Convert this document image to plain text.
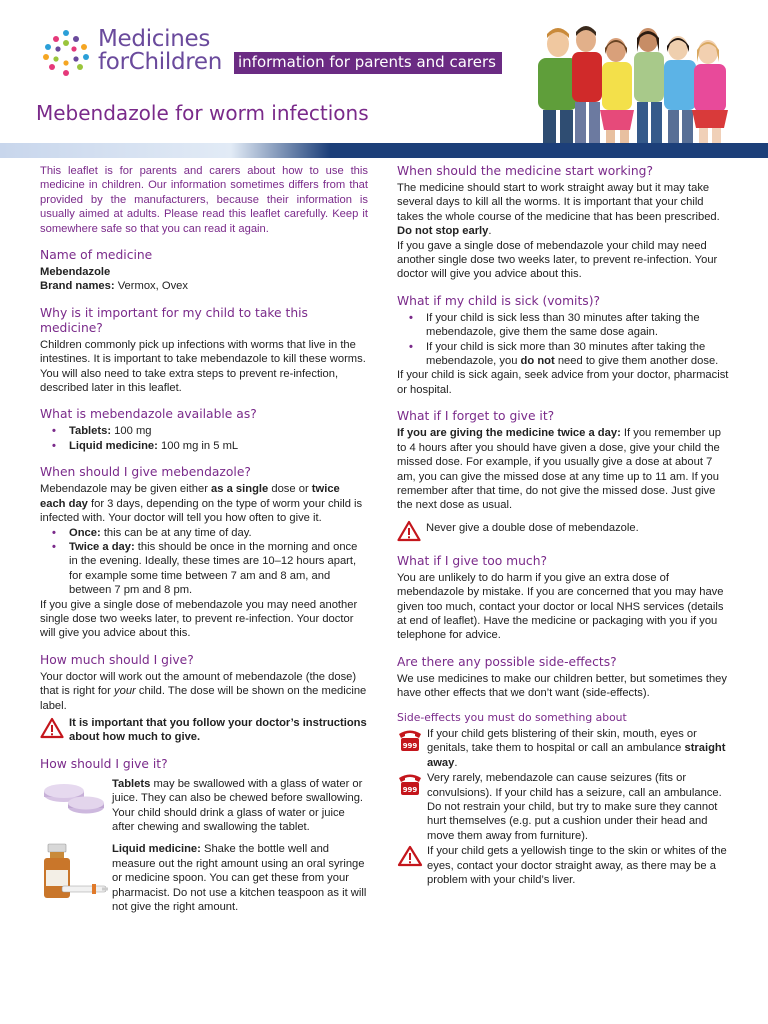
Medicines
forChildren information for parents and carers
Mebendazole for worm infections

This leaflet is for parents and carers about how to use this medicine in children. Our information sometimes differs from that provided by the manufacturers, because their information is usually aimed at adults. Please read this leaflet carefully. Keep it somewhere safe so that you can read it again.

Name of medicine

Mebendazole

Brand names: Vermox, Ovex

Why is it important for my child to take this medicine?

Children commonly pick up infections with worms that live in the intestines. It is important to take mebendazole to kill these worms. You will also need to take extra steps to prevent re-infection, described later in this leaflet.

What is mebendazole available as?
• Tablets: 100 mg
• Liquid medicine: 100 mg in 5 mL
When should I give mebendazole?

Mebendazole may be given either as a single dose or twice each day for 3 days, depending on the type of worm your child is infected with. Your doctor will tell you how often to give it.

• Once: this can be at any time of day.
• Twice a day: this should be once in the morning and once in the evening. Ideally, these times are 10–12 hours apart, for example some time between 7 am and 8 am, and between 7 pm and 8 pm.

If you give a single dose of mebendazole you may need another single dose two weeks later, to prevent re-infection. Your doctor will give you advice about this.

How much should I give?

Your doctor will work out the amount of mebendazole (the dose) that is right for your child. The dose will be shown on the medicine label.

It is important that you follow your doctor’s instructions about how much to give.
How should I give it?

Tablets may be swallowed with a glass of water or juice. They can also be chewed before swallowing. Your child should drink a glass of water or juice after chewing and swallowing the tablet.

Liquid medicine: Shake the bottle well and measure out the right amount using an oral syringe or medicine spoon. You can get these from your pharmacist. Do not use a kitchen teaspoon as it will not give the right amount.

When should the medicine start working?

The medicine should start to work straight away but it may take several days to kill all the worms. It is important that your child takes the whole course of the medicine that has been prescribed. Do not stop early.

If you gave a single dose of mebendazole your child may need another single dose two weeks later, to prevent re-infection. Your doctor will give you advice about this.

What if my child is sick (vomits)?
• If your child is sick less than 30 minutes after taking the mebendazole, give them the same dose again.
• If your child is sick more than 30 minutes after taking the mebendazole, you do not need to give them another dose.

If your child is sick again, seek advice from your doctor, pharmacist or hospital.

What if I forget to give it?

If you are giving the medicine twice a day: If you remember up to 4 hours after you should have given a dose, give your child the missed dose. For example, if you usually give a dose at about 7 am, you can give the missed dose at any time up to 11 am. If you remember after that time, do not give the missed dose. Just give the next dose as usual.

Never give a double dose of mebendazole.
What if I give too much?

You are unlikely to do harm if you give an extra dose of mebendazole by mistake. If you are concerned that you may have given too much, contact your doctor or local NHS services (details at end of leaflet). Have the medicine or packaging with you if you telephone for advice.

Are there any possible side-effects?

We use medicines to make our children better, but sometimes they have other effects that we don’t want (side-effects).

Side-effects you must do something about
999

If your child gets blistering of their skin, mouth, eyes or genitals, take them to hospital or call an ambulance straight away.

999

Very rarely, mebendazole can cause seizures (fits or convulsions). If your child has a seizure, call an ambulance. Do not restrain your child, but try to make sure they cannot hurt themselves (e.g. put a cushion under their head and move them away from furniture).

If your child gets a yellowish tinge to the skin or whites of the eyes, contact your doctor straight away, as there may be a problem with your child’s liver.
